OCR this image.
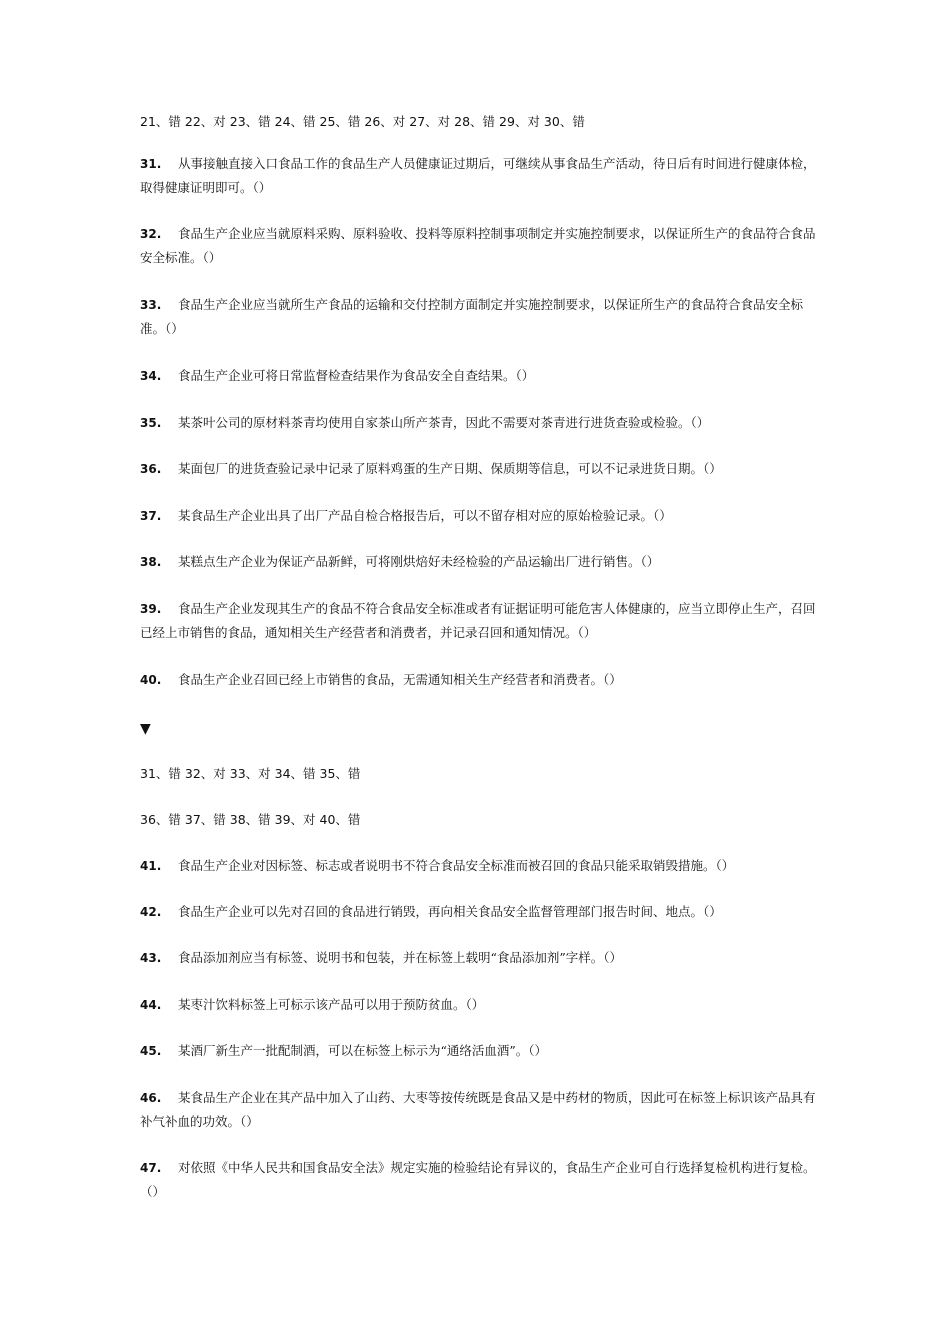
21、错 22、对 23、错 24、错 25、错 26、对 27、对 28、错 29、对 30、错
31. 从事接触直接入口食品工作的食品生产人员健康证过期后，可继续从事食品生产活动，待日后有时间进行健康体检，取得健康证明即可。（）
32. 食品生产企业应当就原料采购、原料验收、投料等原料控制事项制定并实施控制要求，以保证所生产的食品符合食品安全标准。（）
33. 食品生产企业应当就所生产食品的运输和交付控制方面制定并实施控制要求，以保证所生产的食品符合食品安全标准。（）
34. 食品生产企业可将日常监督检查结果作为食品安全自查结果。（）
35. 某茶叶公司的原材料茶青均使用自家茶山所产茶青，因此不需要对茶青进行进货查验或检验。（）
36. 某面包厂的进货查验记录中记录了原料鸡蛋的生产日期、保质期等信息，可以不记录进货日期。（）
37. 某食品生产企业出具了出厂产品自检合格报告后，可以不留存相对应的原始检验记录。（）
38. 某糕点生产企业为保证产品新鲜，可将刚烘焙好未经检验的产品运输出厂进行销售。（）
39. 食品生产企业发现其生产的食品不符合食品安全标准或者有证据证明可能危害人体健康的，应当立即停止生产，召回已经上市销售的食品，通知相关生产经营者和消费者，并记录召回和通知情况。（）
40. 食品生产企业召回已经上市销售的食品，无需通知相关生产经营者和消费者。（）
▼
31、错 32、对 33、对 34、错 35、错
36、错 37、错 38、错 39、对 40、错
41. 食品生产企业对因标签、标志或者说明书不符合食品安全标准而被召回的食品只能采取销毁措施。（）
42. 食品生产企业可以先对召回的食品进行销毁，再向相关食品安全监督管理部门报告时间、地点。（）
43. 食品添加剂应当有标签、说明书和包装，并在标签上载明“食品添加剂”字样。（）
44. 某枣汁饮料标签上可标示该产品可以用于预防贫血。（）
45. 某酒厂新生产一批配制酒，可以在标签上标示为“通络活血酒”。（）
46. 某食品生产企业在其产品中加入了山药、大枣等按传统既是食品又是中药材的物质，因此可在标签上标识该产品具有补气补血的功效。（）
47. 对依照《中华人民共和国食品安全法》规定实施的检验结论有异议的，食品生产企业可自行选择复检机构进行复检。（）
